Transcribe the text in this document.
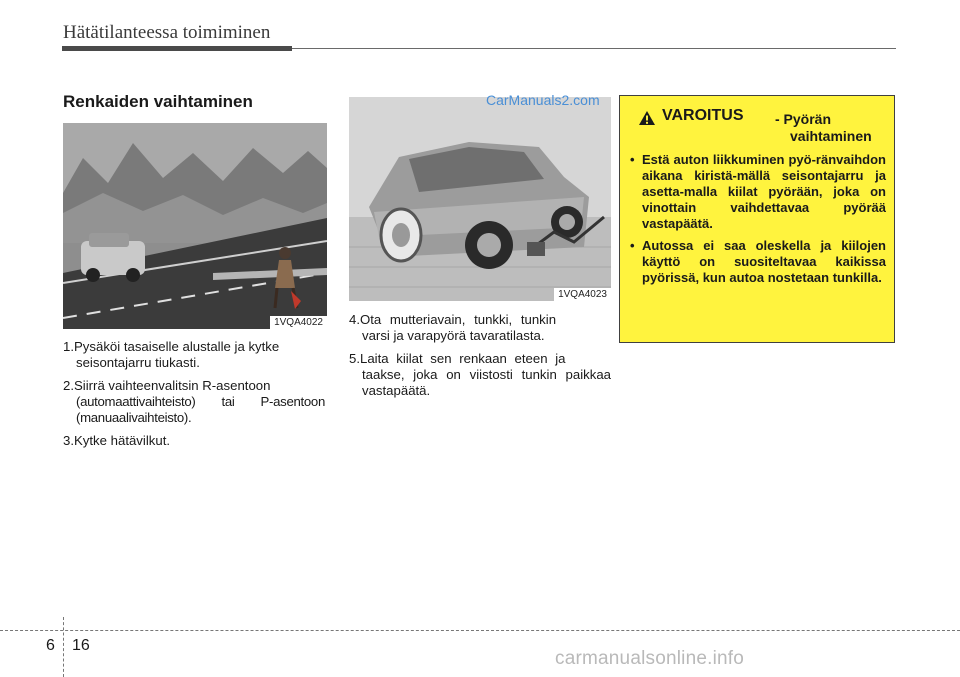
Hätätilanteessa toimiminen
Renkaiden vaihtaminen
1VQA4022
1VQA4023
CarManuals2.com
1.Pysäköi tasaiselle alustalle ja kytke
seisontajarru tiukasti.
2.Siirrä vaihteenvalitsin R-asentoon
(automaattivaihteisto) tai P-asentoon (manuaalivaihteisto).
3.Kytke hätävilkut.
4.Ota mutteriavain, tunkki, tunkin
varsi ja varapyörä tavaratilasta.
5.Laita kiilat sen renkaan eteen ja
taakse, joka on viistosti tunkin paikkaa vastapäätä.
VAROITUS - Pyörän
vaihtaminen
• Estä auton liikkuminen pyö-ränvaihdon aikana kiristä-mällä seisontajarru ja asetta-malla kiilat pyörään, joka on vinottain vaihdettavaa pyörää vastapäätä.
• Autossa ei saa oleskella ja kiilojen käyttö on suositeltavaa kaikissa pyörissä, kun autoa nostetaan tunkilla.
6 16
carmanualsonline.info
